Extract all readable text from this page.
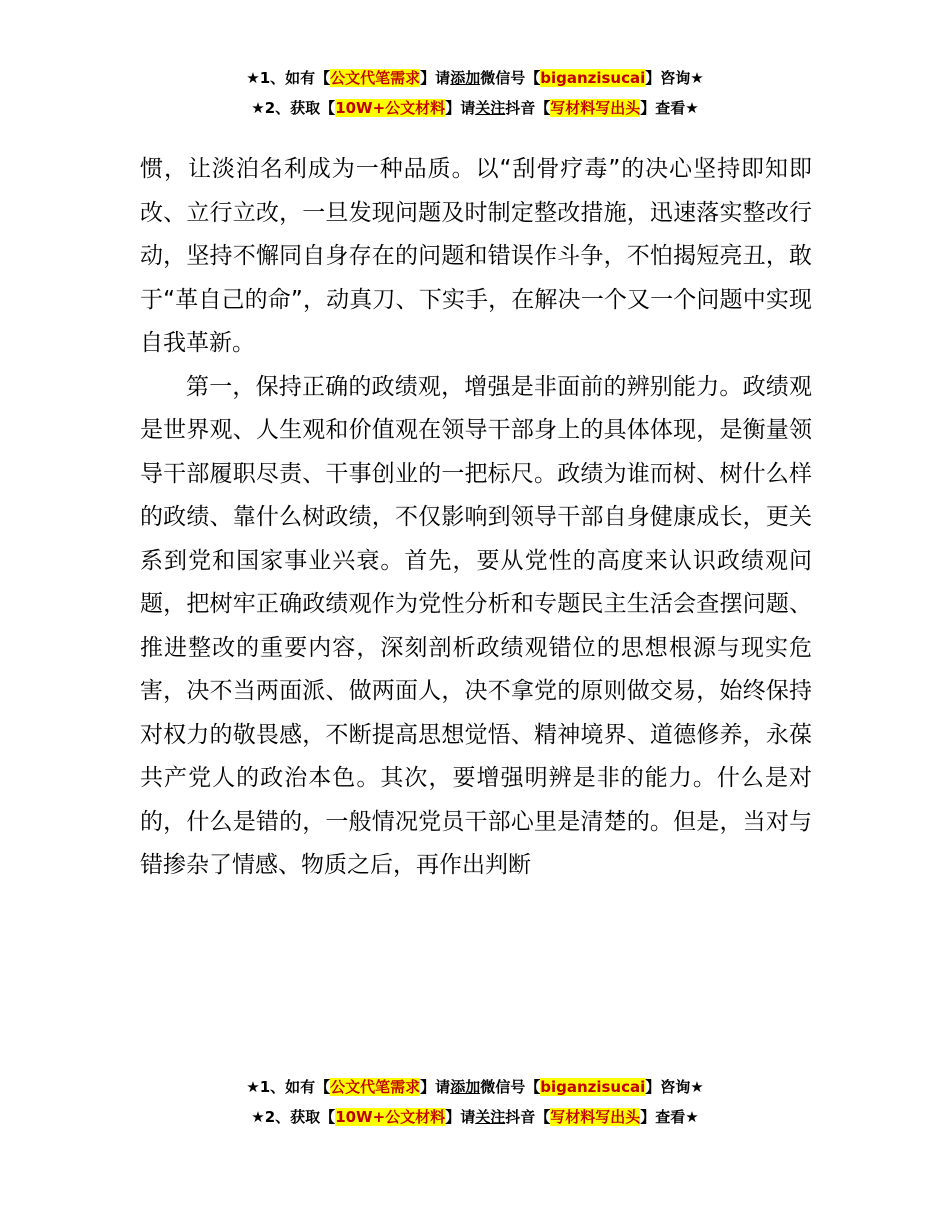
★1、如有【公文代笔需求】请添加微信号【biganzisucai】咨询★
★2、获取【10W+公文材料】请关注抖音【写材料写出头】查看★

惯，让淡泊名利成为一种品质。以“刮骨疗毒”的决心坚持即知即改、立行立改，一旦发现问题及时制定整改措施，迅速落实整改行动，坚持不懈同自身存在的问题和错误作斗争，不怕揭短亮丑，敢于“革自己的命”，动真刀、下实手，在解决一个又一个问题中实现自我革新。

第一，保持正确的政绩观，增强是非面前的辨别能力。政绩观是世界观、人生观和价值观在领导干部身上的具体体现，是衡量领导干部履职尽责、干事创业的一把标尺。政绩为谁而树、树什么样的政绩、靠什么树政绩，不仅影响到领导干部自身健康成长，更关系到党和国家事业兴衰。首先，要从党性的高度来认识政绩观问题，把树牢正确政绩观作为党性分析和专题民主生活会查摆问题、推进整改的重要内容，深刻剖析政绩观错位的思想根源与现实危害，决不当两面派、做两面人，决不拿党的原则做交易，始终保持对权力的敬畏感，不断提高思想觉悟、精神境界、道德修养，永葆共产党人的政治本色。其次，要增强明辨是非的能力。什么是对的，什么是错的，一般情况党员干部心里是清楚的。但是，当对与错掺杂了情感、物质之后，再作出判断

★1、如有【公文代笔需求】请添加微信号【biganzisucai】咨询★
★2、获取【10W+公文材料】请关注抖音【写材料写出头】查看★
